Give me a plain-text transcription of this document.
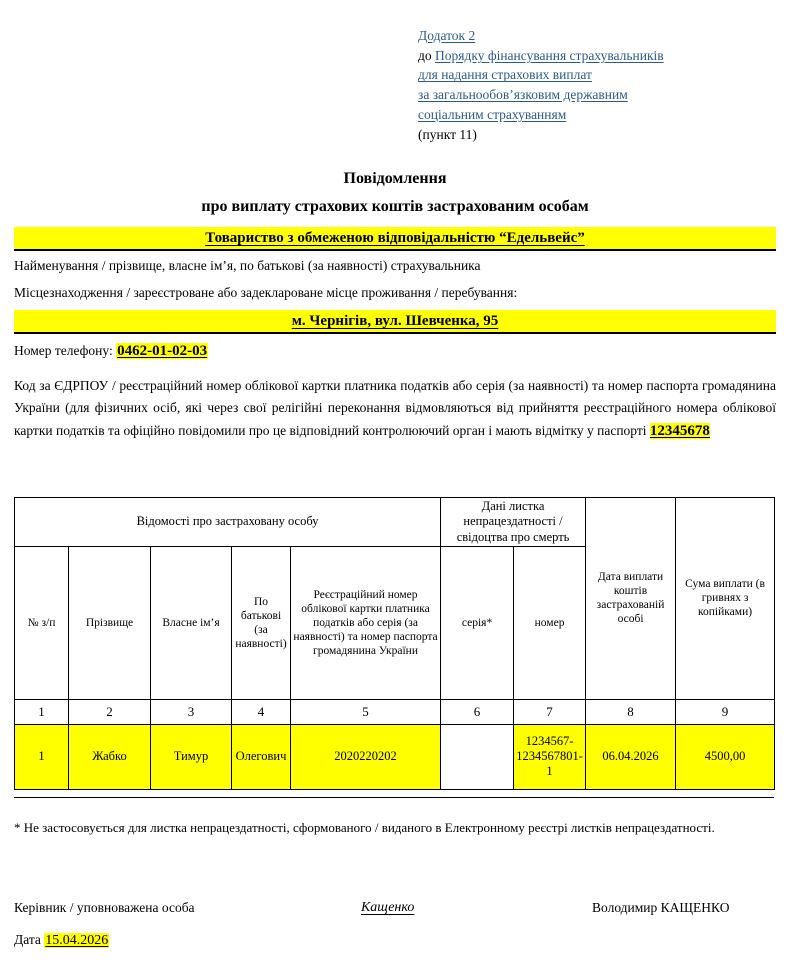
Додаток 2
до Порядку фінансування страхувальників
для надання страхових виплат
за загальнообов’язковим державним
соціальним страхуванням
(пункт 11)
Повідомлення
про виплату страхових коштів застрахованим особам
Товариство з обмеженою відповідальністю “Едельвейс”
Найменування / прізвище, власне ім’я, по батькові (за наявності) страхувальника
Місцезнаходження / зареєстроване або задеклароване місце проживання / перебування:
м. Чернігів, вул. Шевченка, 95
Номер телефону: 0462-01-02-03
Код за ЄДРПОУ / реєстраційний номер облікової картки платника податків або серія (за наявності) та номер паспорта громадянина України (для фізичних осіб, які через свої релігійні переконання відмовляються від прийняття реєстраційного номера облікової картки податків та офіційно повідомили про це відповідний контролюючий орган і мають відмітку у паспорті 12345678
Відомості про застраховану особу					Дані листка непрацездатності / свідоцтва про смерть		Дата виплати коштів застрахованій особі	Сума виплати (в гривнях з копійками)
№ з/п	Прізвище	Власне ім’я	По батькові (за наявності)	Реєстраційний номер облікової картки платника податків або серія (за наявності) та номер паспорта громадянина України	серія*	номер		
1	2	3	4	5	6	7	8	9
1	Жабко	Тимур	Олегович	2020220202		1234567-1234567801-1	06.04.2026	4500,00
* Не застосовується для листка непрацездатності, сформованого / виданого в Електронному реєстрі листків непрацездатності.
Керівник / уповноважена особа	Кащенко	Володимир КАЩЕНКО
Дата 15.04.2026
